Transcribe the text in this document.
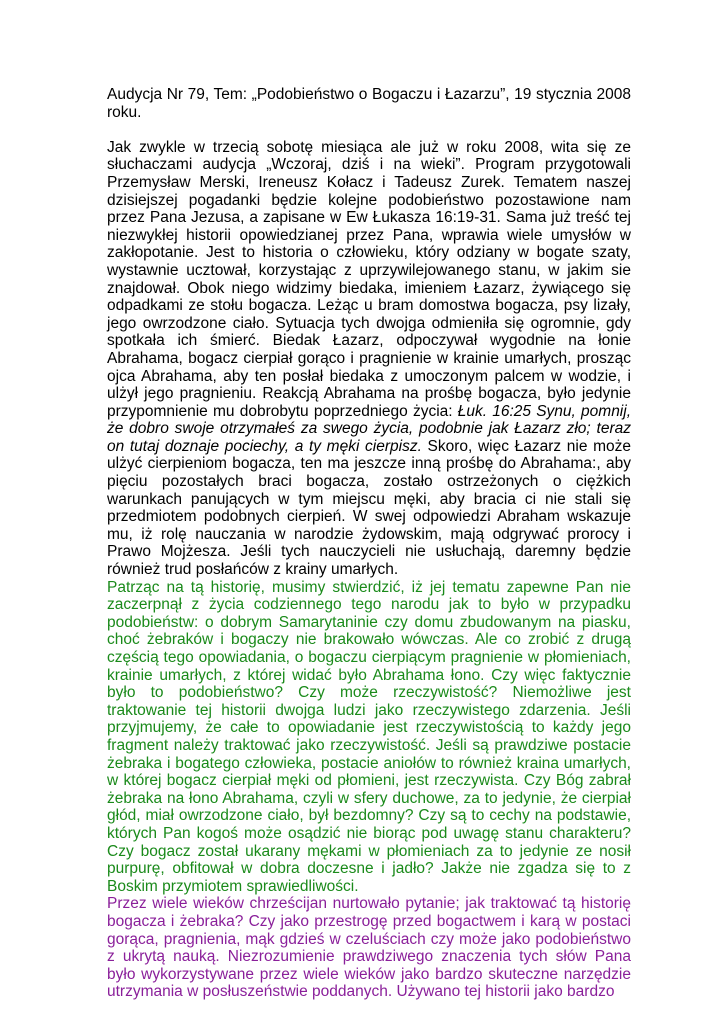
Audycja Nr 79, Tem: „Podobieństwo o Bogaczu i Łazarzu”, 19 stycznia 2008 roku.

Jak zwykle w trzecią sobotę miesiąca ale już w roku 2008, wita się ze słuchaczami audycja „Wczoraj, dziś i na wieki”. Program przygotowali Przemysław Merski, Ireneusz Kołacz i Tadeusz Zurek. Tematem naszej dzisiejszej pogadanki będzie kolejne podobieństwo pozostawione nam przez Pana Jezusa, a zapisane w Ew Łukasza 16:19-31. Sama już treść tej niezwykłej historii opowiedzianej przez Pana, wprawia wiele umysłów w zakłopotanie. Jest to historia o człowieku, który odziany w bogate szaty, wystawnie ucztował, korzystając z uprzywilejowanego stanu, w jakim sie znajdował. Obok niego widzimy biedaka, imieniem Łazarz, żywiącego się odpadkami ze stołu bogacza. Leżąc u bram domostwa bogacza, psy lizały, jego owrzodzone ciało. Sytuacja tych dwojga odmieniła się ogromnie, gdy spotkała ich śmierć. Biedak Łazarz, odpoczywał wygodnie na łonie Abrahama, bogacz cierpiał gorąco i pragnienie w krainie umarłych, prosząc ojca Abrahama, aby ten posłał biedaka z umoczonym palcem w wodzie, i ulżył jego pragnieniu. Reakcją Abrahama na prośbę bogacza, było jedynie przypomnienie mu dobrobytu poprzedniego życia: Łuk. 16:25 Synu, pomnij, że dobro swoje otrzymałeś za swego życia, podobnie jak Łazarz zło; teraz on tutaj doznaje pociechy, a ty męki cierpisz. Skoro, więc Łazarz nie może ulżyć cierpieniom bogacza, ten ma jeszcze inną prośbę do Abrahama:, aby pięciu pozostałych braci bogacza, zostało ostrzeżonych o ciężkich warunkach panujących w tym miejscu męki, aby bracia ci nie stali się przedmiotem podobnych cierpień. W swej odpowiedzi Abraham wskazuje mu, iż rolę nauczania w narodzie żydowskim, mają odgrywać prorocy i Prawo Mojżesza. Jeśli tych nauczycieli nie usłuchają, daremny będzie również trud posłańców z krainy umarłych.

Patrząc na tą historię, musimy stwierdzić, iż jej tematu zapewne Pan nie zaczerpnął z życia codziennego tego narodu jak to było w przypadku podobieństw: o dobrym Samarytaninie czy domu zbudowanym na piasku, choć żebraków i bogaczy nie brakowało wówczas. Ale co zrobić z drugą częścią tego opowiadania, o bogaczu cierpiącym pragnienie w płomieniach, krainie umarłych, z której widać było Abrahama łono. Czy więc faktycznie było to podobieństwo? Czy może rzeczywistość? Niemożliwe jest traktowanie tej historii dwojga ludzi jako rzeczywistego zdarzenia. Jeśli przyjmujemy, że całe to opowiadanie jest rzeczywistością to każdy jego fragment należy traktować jako rzeczywistość. Jeśli są prawdziwe postacie żebraka i bogatego człowieka, postacie aniołów to również kraina umarłych, w której bogacz cierpiał męki od płomieni, jest rzeczywista. Czy Bóg zabrał żebraka na łono Abrahama, czyli w sfery duchowe, za to jedynie, że cierpiał głód, miał owrzodzone ciało, był bezdomny? Czy są to cechy na podstawie, których Pan kogoś może osądzić nie biorąc pod uwagę stanu charakteru? Czy bogacz został ukarany mękami w płomieniach za to jedynie ze nosił purpurę, obfitował w dobra doczesne i jadło? Jakże nie zgadza się to z Boskim przymiotem sprawiedliwości.

Przez wiele wieków chrześcijan nurtowało pytanie; jak traktować tą historię bogacza i żebraka? Czy jako przestrogę przed bogactwem i karą w postaci gorąca, pragnienia, mąk gdzieś w czeluściach czy może jako podobieństwo z ukrytą nauką. Niezrozumienie prawdziwego znaczenia tych słów Pana było wykorzystywane przez wiele wieków jako bardzo skuteczne narzędzie utrzymania w posłuszeństwie poddanych. Używano tej historii jako bardzo
